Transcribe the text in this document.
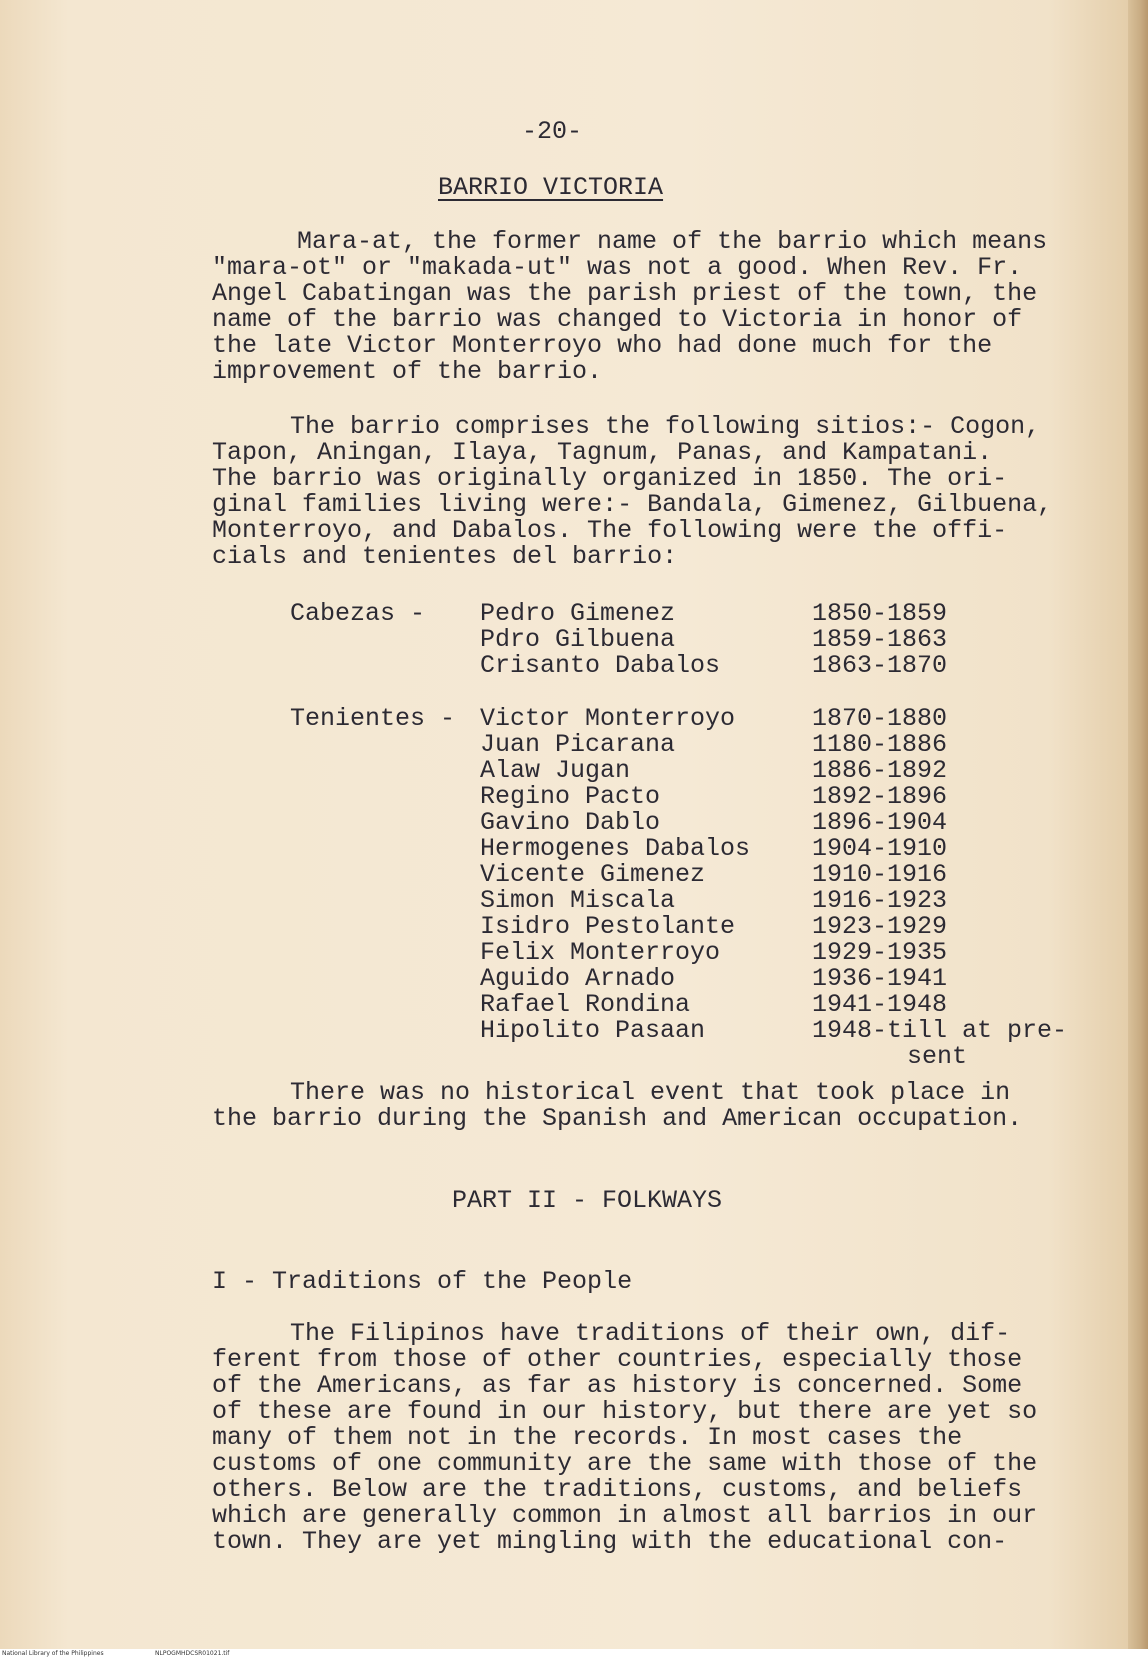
-20-
BARRIO VICTORIA
Mara-at, the former name of the barrio which means
"mara-ot" or "makada-ut" was not a good. When Rev. Fr.
Angel Cabatingan was the parish priest of the town, the
name of the barrio was changed to Victoria in honor of
the late Victor Monterroyo who had done much for the
improvement of the barrio.
The barrio comprises the following sitios:- Cogon,
Tapon, Aningan, Ilaya, Tagnum, Panas, and Kampatani.
The barrio was originally organized in 1850. The ori-
ginal families living were:- Bandala, Gimenez, Gilbuena,
Monterroyo, and Dabalos. The following were the offi-
cials and tenientes del barrio:
Cabezas - Pedro Gimenez	1850-1859
Pdro Gilbuena	1859-1863
Crisanto Dabalos	1863-1870
Tenientes - Victor Monterroyo	1870-1880
Juan Picarana	1180-1886
Alaw Jugan	1886-1892
Regino Pacto	1892-1896
Gavino Dablo	1896-1904
Hermogenes Dabalos 1904-1910
Vicente Gimenez	1910-1916
Simon Miscala	1916-1923
Isidro Pestolante	1923-1929
Felix Monterroyo	1929-1935
Aguido Arnado	1936-1941
Rafael Rondina	1941-1948
Hipolito Pasaan	1948-till at pre-
sent
There was no historical event that took place in
the barrio during the Spanish and American occupation.
PART II - FOLKWAYS
I - Traditions of the People
The Filipinos have traditions of their own, dif-
ferent from those of other countries, especially those
of the Americans, as far as history is concerned. Some
of these are found in our history, but there are yet so
many of them not in the records. In most cases the
customs of one community are the same with those of the
others. Below are the traditions, customs, and beliefs
which are generally common in almost all barrios in our
town. They are yet mingling with the educational con-
National Library of the Philippines	NLPOGMHDCSR01021.tif
